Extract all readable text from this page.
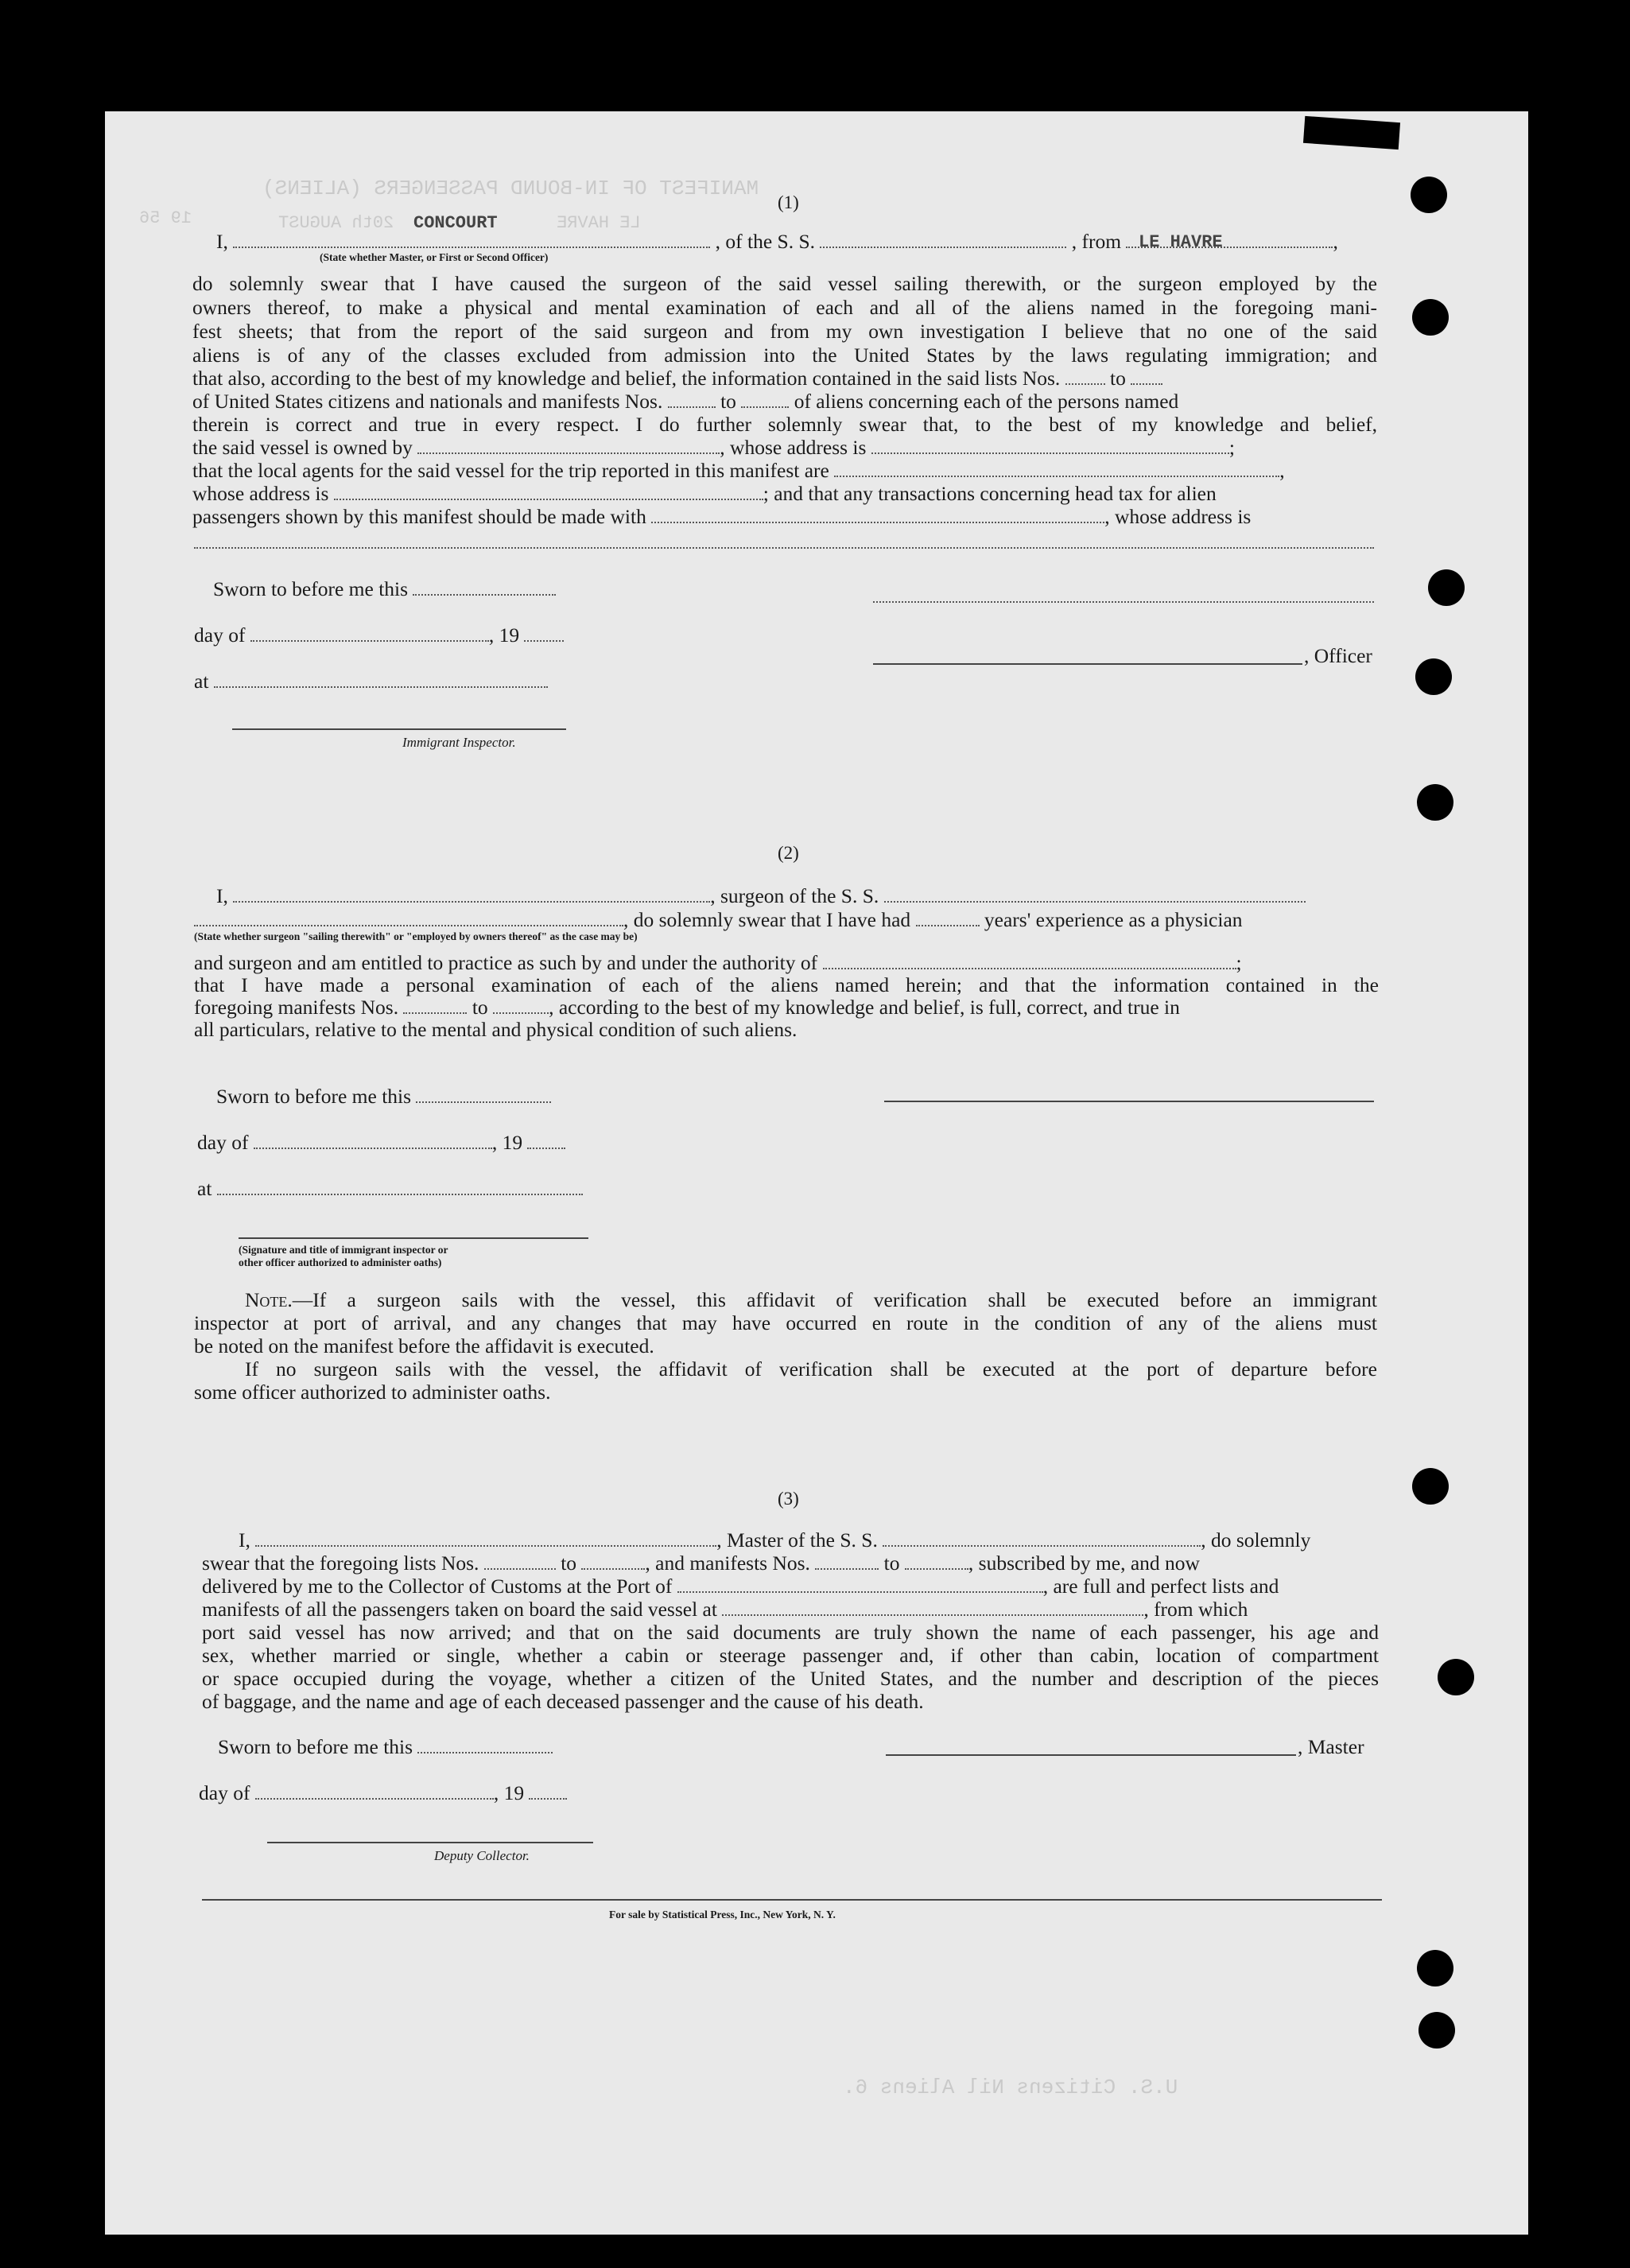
MANIFEST OF IN-BOUND PASSENGERS (ALIENS)
LE HAVRE
20th AUGUST
19 56
U.S. Citizens Nil Aliens 6.
(1)
I,	, of the S. S.	, from	,
(State whether Master, or First or Second Officer)
CONCOURT
LE HAVRE
do solemnly swear that I have caused the surgeon of the said vessel sailing therewith, or the surgeon employed by the
owners thereof, to make a physical and mental examination of each and all of the aliens named in the foregoing mani-
fest sheets; that from the report of the said surgeon and from my own investigation I believe that no one of the said
aliens is of any of the classes excluded from admission into the United States by the laws regulating immigration; and
that also, according to the best of my knowledge and belief, the information contained in the said lists Nos. to
of United States citizens and nationals and manifests Nos.	to	of aliens concerning each of the persons named
therein is correct and true in every respect. I do further solemnly swear that, to the best of my knowledge and belief,
the said vessel is owned by	, whose address is	;
that the local agents for the said vessel for the trip reported in this manifest are	,
whose address is	; and that any transactions concerning head tax for alien
passengers shown by this manifest should be made with	, whose address is
Sworn to before me this
day of	, 19
at
Immigrant Inspector.
, Officer
(2)
I,	, surgeon of the S. S.
, do solemnly swear that I have had	years' experience as a physician
(State whether surgeon "sailing therewith" or "employed by owners thereof" as the case may be)
and surgeon and am entitled to practice as such by and under the authority of	;
that I have made a personal examination of each of the aliens named herein; and that the information contained in the
foregoing manifests Nos.	to	, according to the best of my knowledge and belief, is full, correct, and true in
all particulars, relative to the mental and physical condition of such aliens.
Sworn to before me this
day of	, 19
at
(Signature and title of immigrant inspector or
other officer authorized to administer oaths)
Note.—If a surgeon sails with the vessel, this affidavit of verification shall be executed before an immigrant
inspector at port of arrival, and any changes that may have occurred en route in the condition of any of the aliens must
be noted on the manifest before the affidavit is executed.
If no surgeon sails with the vessel, the affidavit of verification shall be executed at the port of departure before
some officer authorized to administer oaths.
(3)
I,	, Master of the S. S.	, do solemnly
swear that the foregoing lists Nos.	to	, and manifests Nos.	to	, subscribed by me, and now
delivered by me to the Collector of Customs at the Port of	, are full and perfect lists and
manifests of all the passengers taken on board the said vessel at	, from which
port said vessel has now arrived; and that on the said documents are truly shown the name of each passenger, his age and
sex, whether married or single, whether a cabin or steerage passenger and, if other than cabin, location of compartment
or space occupied during the voyage, whether a citizen of the United States, and the number and description of the pieces
of baggage, and the name and age of each deceased passenger and the cause of his death.
Sworn to before me this	, Master
day of	, 19
Deputy Collector.
For sale by Statistical Press, Inc., New York, N. Y.
